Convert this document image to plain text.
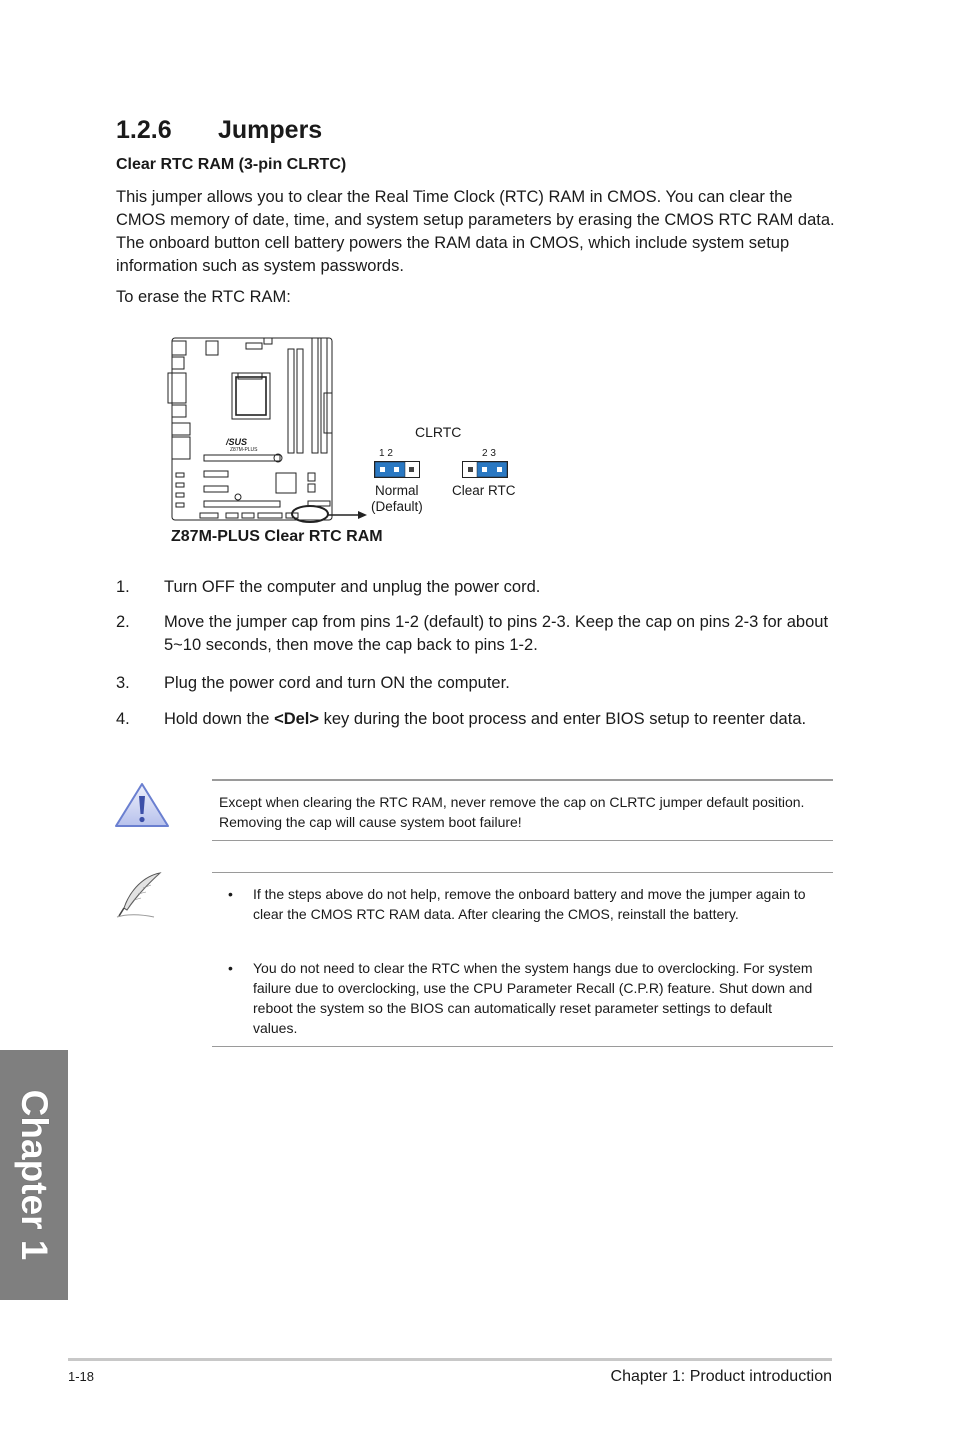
1.2.6 Jumpers
Clear RTC RAM (3-pin CLRTC)

This jumper allows you to clear the Real Time Clock (RTC) RAM in CMOS. You can clear the CMOS memory of date, time, and system setup parameters by erasing the CMOS RTC RAM data. The onboard button cell battery powers the RAM data in CMOS, which include system setup information such as system passwords.

To erase the RTC RAM:

/SUS
Z87M-PLUS
CLRTC
1 2
Normal
(Default)
2 3
Clear RTC
Z87M-PLUS Clear RTC RAM
1. Turn OFF the computer and unplug the power cord.
2. Move the jumper cap from pins 1-2 (default) to pins 2-3. Keep the cap on pins 2-3 for about 5~10 seconds, then move the cap back to pins 1-2.
3. Plug the power cord and turn ON the computer.
4. Hold down the <Del> key during the boot process and enter BIOS setup to reenter data.

Except when clearing the RTC RAM, never remove the cap on CLRTC jumper default position. Removing the cap will cause system boot failure!

• If the steps above do not help, remove the onboard battery and move the jumper again to clear the CMOS RTC RAM data. After clearing the CMOS, reinstall the battery.
• You do not need to clear the RTC when the system hangs due to overclocking. For system failure due to overclocking, use the CPU Parameter Recall (C.P.R) feature. Shut down and reboot the system so the BIOS can automatically reset parameter settings to default values.
Chapter 1
1-18	Chapter 1: Product introduction
